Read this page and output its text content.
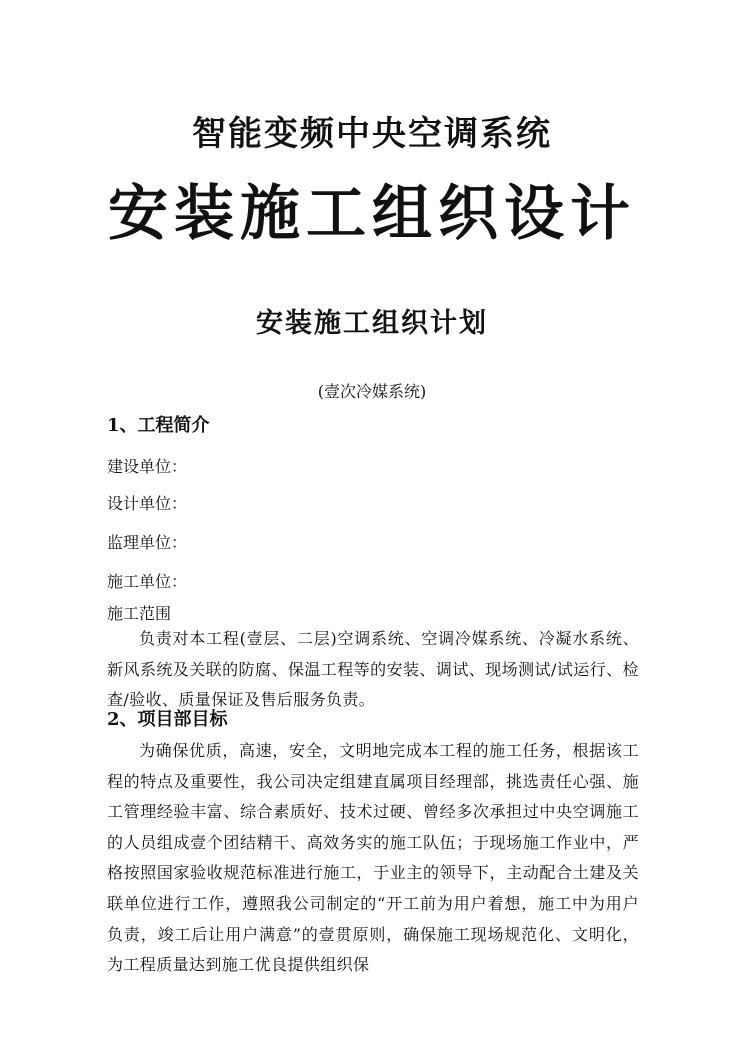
智能变频中央空调系统
安装施工组织设计
安装施工组织计划
(壹次冷媒系统)
1、工程简介
建设单位：
设计单位：
监理单位：
施工单位：
施工范围
负责对本工程(壹层、二层)空调系统、空调冷媒系统、冷凝水系统、新风系统及关联的防腐、保温工程等的安装、调试、现场测试/试运行、检查/验收、质量保证及售后服务负责。
2、项目部目标
为确保优质，高速，安全，文明地完成本工程的施工任务，根据该工程的特点及重要性，我公司决定组建直属项目经理部，挑选责任心强、施工管理经验丰富、综合素质好、技术过硬、曾经多次承担过中央空调施工的人员组成壹个团结精干、高效务实的施工队伍；于现场施工作业中，严格按照国家验收规范标准进行施工，于业主的领导下，主动配合土建及关联单位进行工作，遵照我公司制定的“开工前为用户着想，施工中为用户负责，竣工后让用户满意”的壹贯原则，确保施工现场规范化、文明化，为工程质量达到施工优良提供组织保
